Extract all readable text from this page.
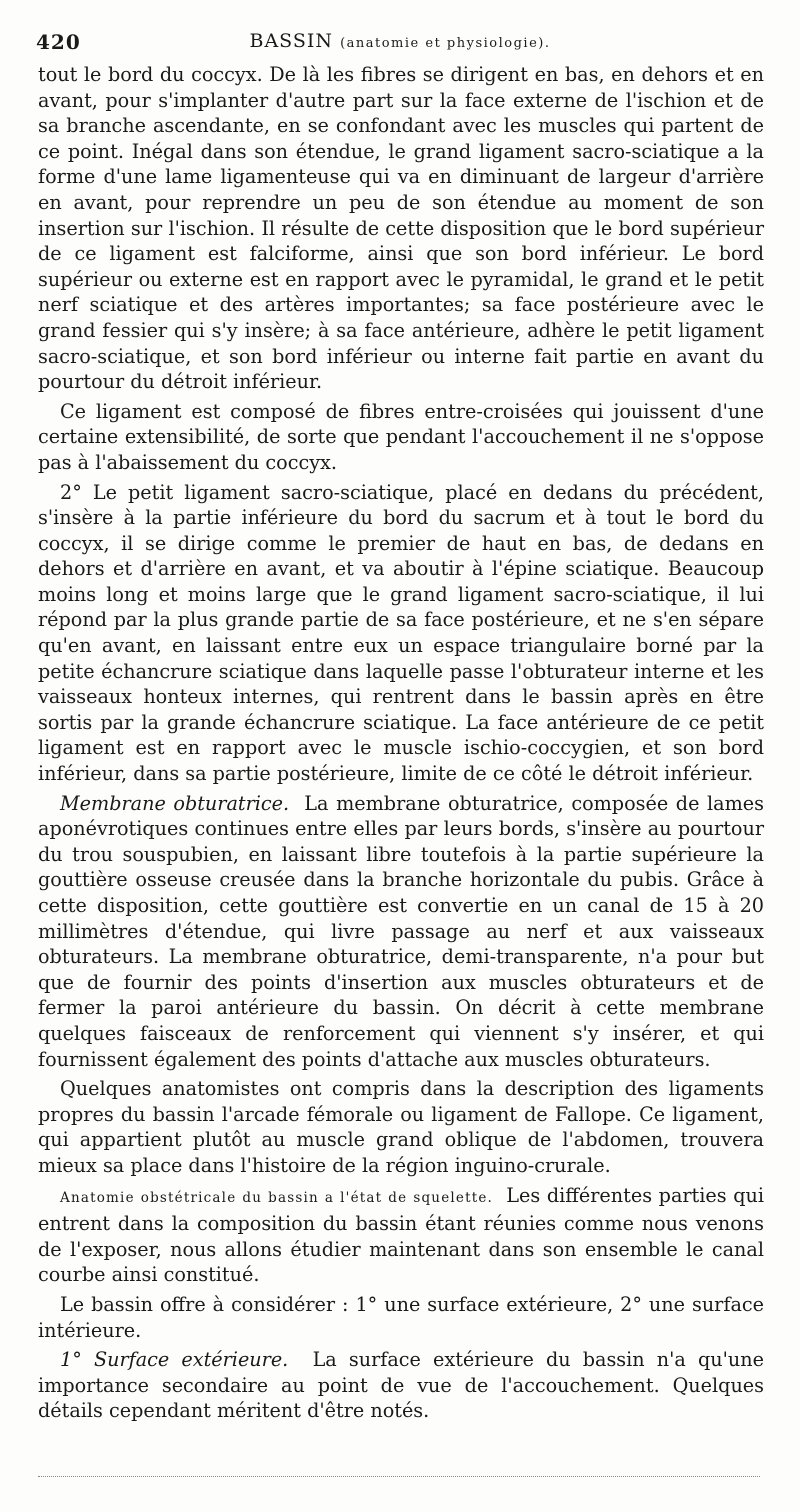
420	BASSIN (anatomie et physiologie).

tout le bord du coccyx. De là les fibres se dirigent en bas, en dehors et en avant, pour s'implanter d'autre part sur la face externe de l'ischion et de sa branche ascendante, en se confondant avec les muscles qui partent de ce point. Inégal dans son étendue, le grand ligament sacro-sciatique a la forme d'une lame ligamenteuse qui va en diminuant de largeur d'arrière en avant, pour reprendre un peu de son étendue au moment de son insertion sur l'ischion. Il résulte de cette disposition que le bord supérieur de ce ligament est falciforme, ainsi que son bord inférieur. Le bord supérieur ou externe est en rapport avec le pyramidal, le grand et le petit nerf sciatique et des artères importantes; sa face postérieure avec le grand fessier qui s'y insère; à sa face antérieure, adhère le petit ligament sacro-sciatique, et son bord inférieur ou interne fait partie en avant du pourtour du détroit inférieur.

Ce ligament est composé de fibres entre-croisées qui jouissent d'une certaine extensibilité, de sorte que pendant l'accouchement il ne s'oppose pas à l'abaissement du coccyx.

2° Le petit ligament sacro-sciatique, placé en dedans du précédent, s'insère à la partie inférieure du bord du sacrum et à tout le bord du coccyx, il se dirige comme le premier de haut en bas, de dedans en dehors et d'arrière en avant, et va aboutir à l'épine sciatique. Beaucoup moins long et moins large que le grand ligament sacro-sciatique, il lui répond par la plus grande partie de sa face postérieure, et ne s'en sépare qu'en avant, en laissant entre eux un espace triangulaire borné par la petite échancrure sciatique dans laquelle passe l'obturateur interne et les vaisseaux honteux internes, qui rentrent dans le bassin après en être sortis par la grande échancrure sciatique. La face antérieure de ce petit ligament est en rapport avec le muscle ischio-coccygien, et son bord inférieur, dans sa partie postérieure, limite de ce côté le détroit inférieur.

Membrane obturatrice. La membrane obturatrice, composée de lames aponévrotiques continues entre elles par leurs bords, s'insère au pourtour du trou souspubien, en laissant libre toutefois à la partie supérieure la gouttière osseuse creusée dans la branche horizontale du pubis. Grâce à cette disposition, cette gouttière est convertie en un canal de 15 à 20 millimètres d'étendue, qui livre passage au nerf et aux vaisseaux obturateurs. La membrane obturatrice, demi-transparente, n'a pour but que de fournir des points d'insertion aux muscles obturateurs et de fermer la paroi antérieure du bassin. On décrit à cette membrane quelques faisceaux de renforcement qui viennent s'y insérer, et qui fournissent également des points d'attache aux muscles obturateurs.

Quelques anatomistes ont compris dans la description des ligaments propres du bassin l'arcade fémorale ou ligament de Fallope. Ce ligament, qui appartient plutôt au muscle grand oblique de l'abdomen, trouvera mieux sa place dans l'histoire de la région inguino-crurale.

Anatomie obstétricale du bassin a l'état de squelette. Les différentes parties qui entrent dans la composition du bassin étant réunies comme nous venons de l'exposer, nous allons étudier maintenant dans son ensemble le canal courbe ainsi constitué.

Le bassin offre à considérer : 1° une surface extérieure, 2° une surface intérieure.

1° Surface extérieure. La surface extérieure du bassin n'a qu'une importance secondaire au point de vue de l'accouchement. Quelques détails cependant méritent d'être notés.
